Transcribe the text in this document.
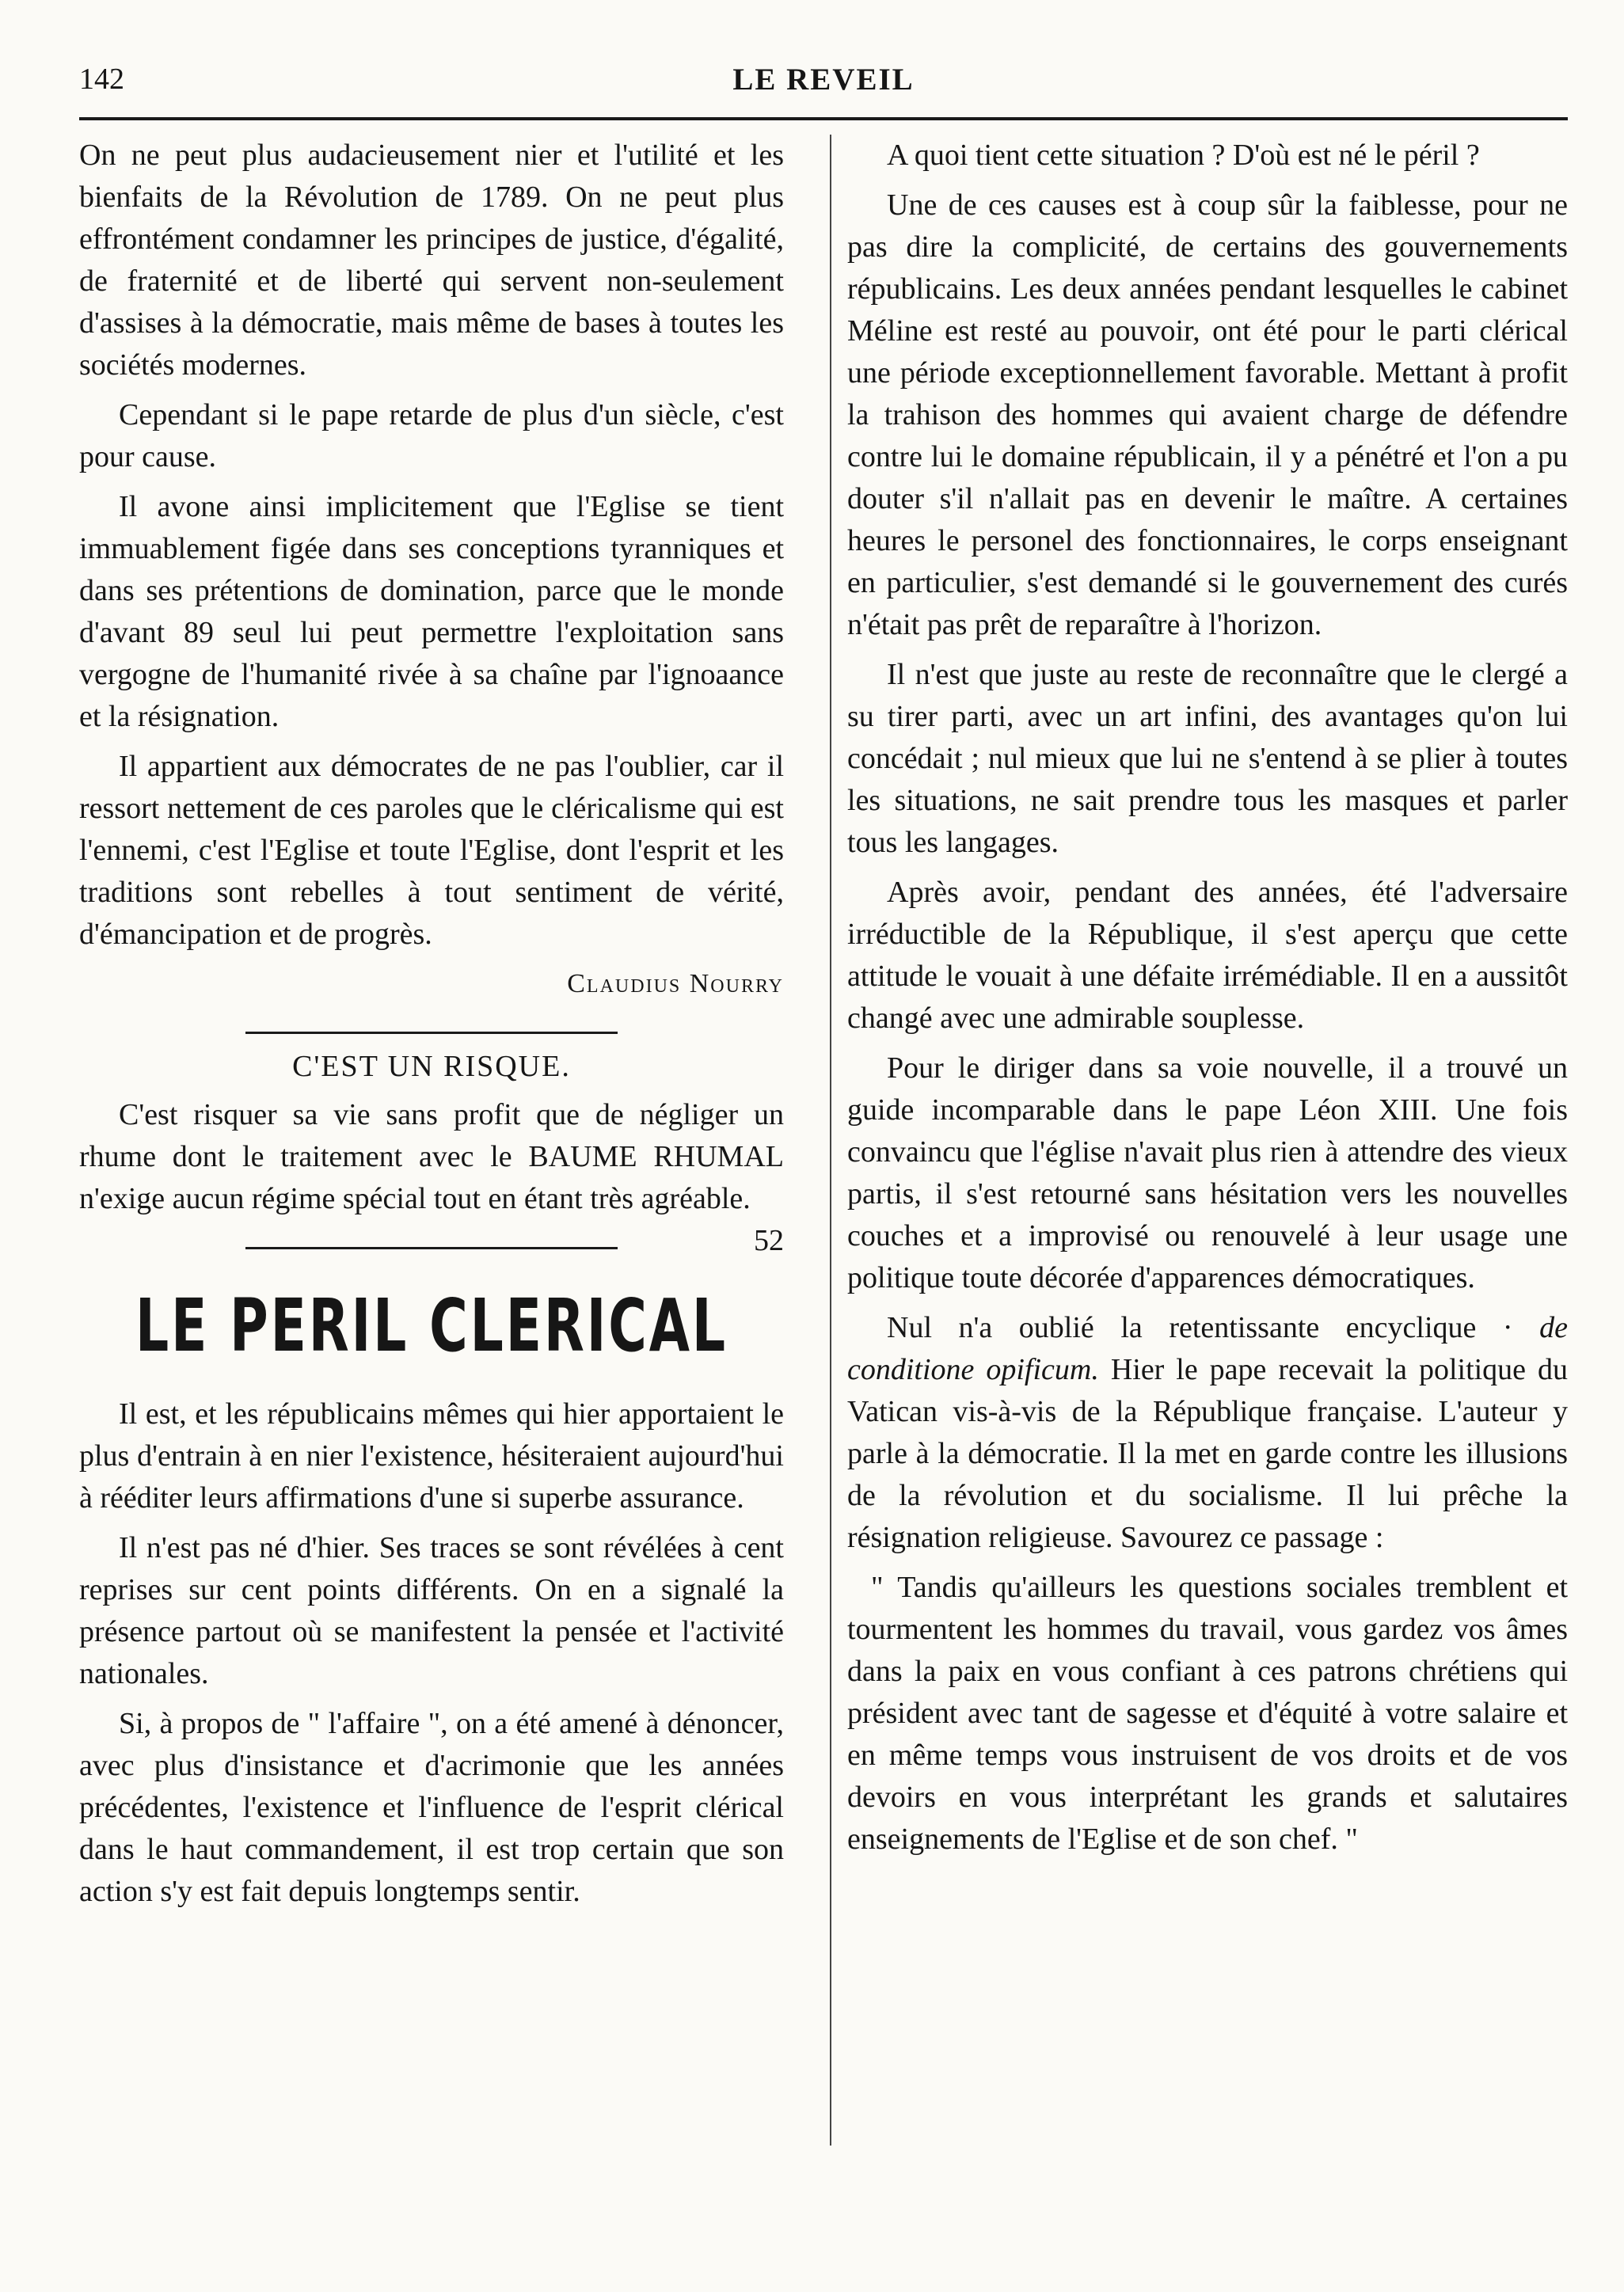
LE REVEIL
142

On ne peut plus audacieusement nier et l'utilité et les bienfaits de la Révolution de 1789. On ne peut plus effrontément condamner les principes de justice, d'égalité, de fraternité et de liberté qui servent non-seulement d'assises à la démocratie, mais même de bases à toutes les sociétés modernes.

Cependant si le pape retarde de plus d'un siècle, c'est pour cause.

Il avone ainsi implicitement que l'Eglise se tient immuablement figée dans ses conceptions tyranniques et dans ses prétentions de domination, parce que le monde d'avant 89 seul lui peut permettre l'exploitation sans vergogne de l'humanité rivée à sa chaîne par l'ignoaance et la résignation.

Il appartient aux démocrates de ne pas l'oublier, car il ressort nettement de ces paroles que le cléricalisme qui est l'ennemi, c'est l'Eglise et toute l'Eglise, dont l'esprit et les traditions sont rebelles à tout sentiment de vérité, d'émancipation et de progrès.

Claudius Nourry
C'EST UN RISQUE.

C'est risquer sa vie sans profit que de négliger un rhume dont le traitement avec le BAUME RHUMAL n'exige aucun régime spécial tout en étant très agréable.
52

LE PERIL CLERICAL

Il est, et les républicains mêmes qui hier apportaient le plus d'entrain à en nier l'existence, hésiteraient aujourd'hui à rééditer leurs affirmations d'une si superbe assurance.

Il n'est pas né d'hier. Ses traces se sont révélées à cent reprises sur cent points différents. On en a signalé la présence partout où se manifestent la pensée et l'activité nationales.

Si, à propos de " l'affaire ", on a été amené à dénoncer, avec plus d'insistance et d'acrimonie que les années précédentes, l'existence et l'influence de l'esprit clérical dans le haut commandement, il est trop certain que son action s'y est fait depuis longtemps sentir.

A quoi tient cette situation ? D'où est né le péril ?

Une de ces causes est à coup sûr la faiblesse, pour ne pas dire la complicité, de certains des gouvernements républicains. Les deux années pendant lesquelles le cabinet Méline est resté au pouvoir, ont été pour le parti clérical une période exceptionnellement favorable. Mettant à profit la trahison des hommes qui avaient charge de défendre contre lui le domaine républicain, il y a pénétré et l'on a pu douter s'il n'allait pas en devenir le maître. A certaines heures le personel des fonctionnaires, le corps enseignant en particulier, s'est demandé si le gouvernement des curés n'était pas prêt de reparaître à l'horizon.

Il n'est que juste au reste de reconnaître que le clergé a su tirer parti, avec un art infini, des avantages qu'on lui concédait ; nul mieux que lui ne s'entend à se plier à toutes les situations, ne sait prendre tous les masques et parler tous les langages.

Après avoir, pendant des années, été l'adversaire irréductible de la République, il s'est aperçu que cette attitude le vouait à une défaite irrémédiable. Il en a aussitôt changé avec une admirable souplesse.

Pour le diriger dans sa voie nouvelle, il a trouvé un guide incomparable dans le pape Léon XIII. Une fois convaincu que l'église n'avait plus rien à attendre des vieux partis, il s'est retourné sans hésitation vers les nouvelles couches et a improvisé ou renouvelé à leur usage une politique toute décorée d'apparences démocratiques.

Nul n'a oublié la retentissante encyclique · de conditione opificum. Hier le pape recevait la politique du Vatican vis-à-vis de la République française. L'auteur y parle à la démocratie. Il la met en garde contre les illusions de la révolution et du socialisme. Il lui prêche la résignation religieuse. Savourez ce passage :

" Tandis qu'ailleurs les questions sociales tremblent et tourmentent les hommes du travail, vous gardez vos âmes dans la paix en vous confiant à ces patrons chrétiens qui président avec tant de sagesse et d'équité à votre salaire et en même temps vous instruisent de vos droits et de vos devoirs en vous interprétant les grands et salutaires enseignements de l'Eglise et de son chef. "
